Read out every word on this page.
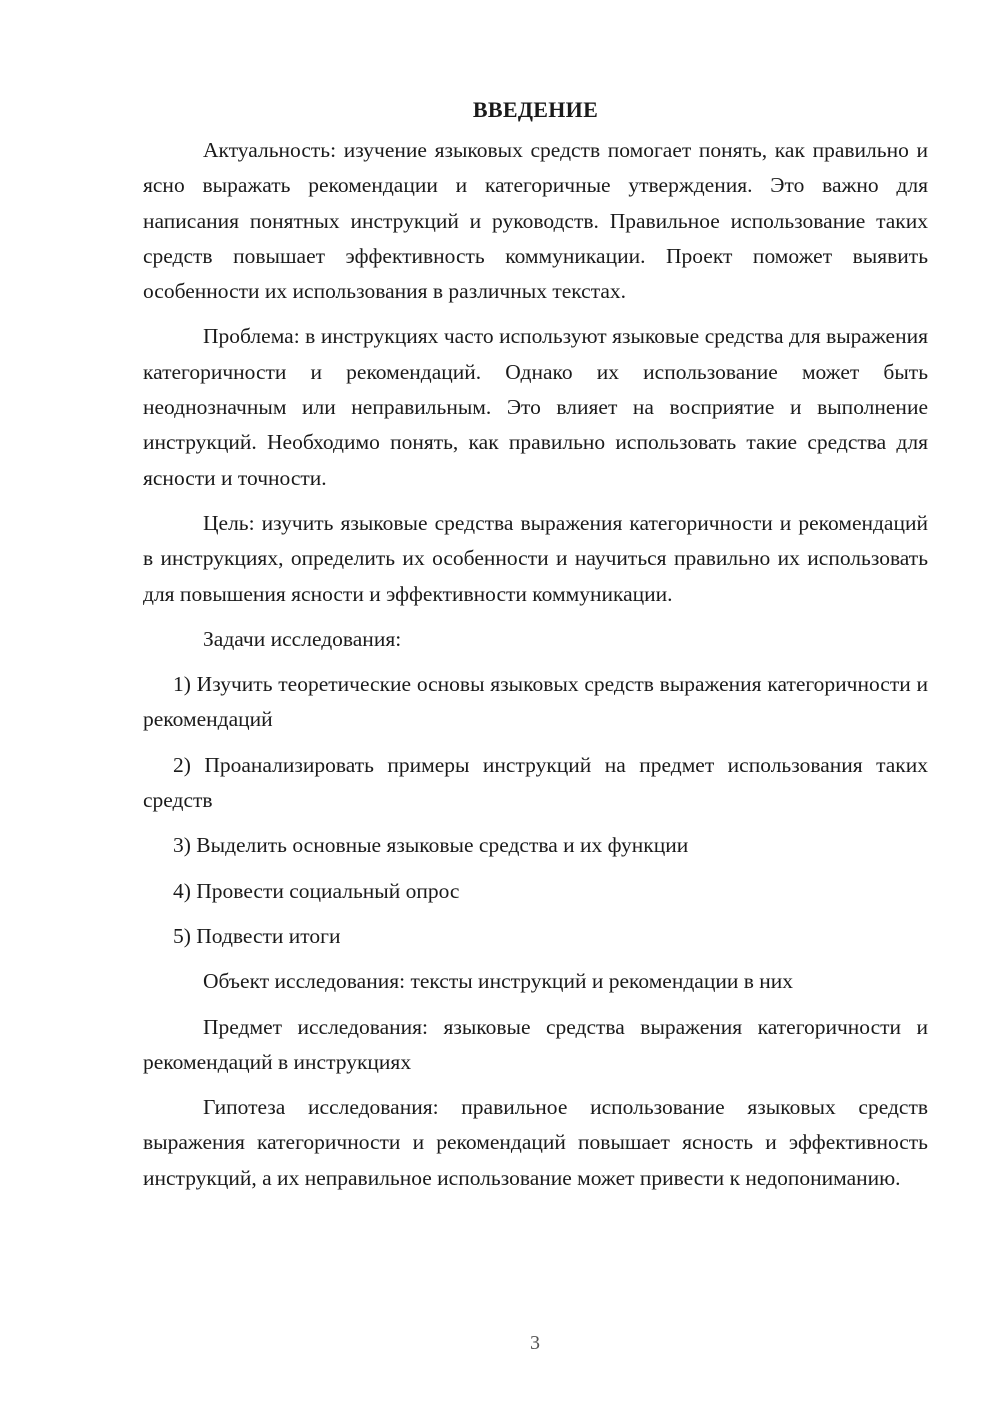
ВВЕДЕНИЕ

Актуальность: изучение языковых средств помогает понять, как правильно и ясно выражать рекомендации и категоричные утверждения. Это важно для написания понятных инструкций и руководств. Правильное использование таких средств повышает эффективность коммуникации. Проект поможет выявить особенности их использования в различных текстах.

Проблема: в инструкциях часто используют языковые средства для выражения категоричности и рекомендаций. Однако их использование может быть неоднозначным или неправильным. Это влияет на восприятие и выполнение инструкций. Необходимо понять, как правильно использовать такие средства для ясности и точности.

Цель: изучить языковые средства выражения категоричности и рекомендаций в инструкциях, определить их особенности и научиться правильно их использовать для повышения ясности и эффективности коммуникации.

Задачи исследования:

1) Изучить теоретические основы языковых средств выражения категоричности и рекомендаций

2) Проанализировать примеры инструкций на предмет использования таких средств

3) Выделить основные языковые средства и их функции

4) Провести социальный опрос

5) Подвести итоги

Объект исследования: тексты инструкций и рекомендации в них

Предмет исследования: языковые средства выражения категоричности и рекомендаций в инструкциях

Гипотеза исследования: правильное использование языковых средств выражения категоричности и рекомендаций повышает ясность и эффективность инструкций, а их неправильное использование может привести к недопониманию.

3
